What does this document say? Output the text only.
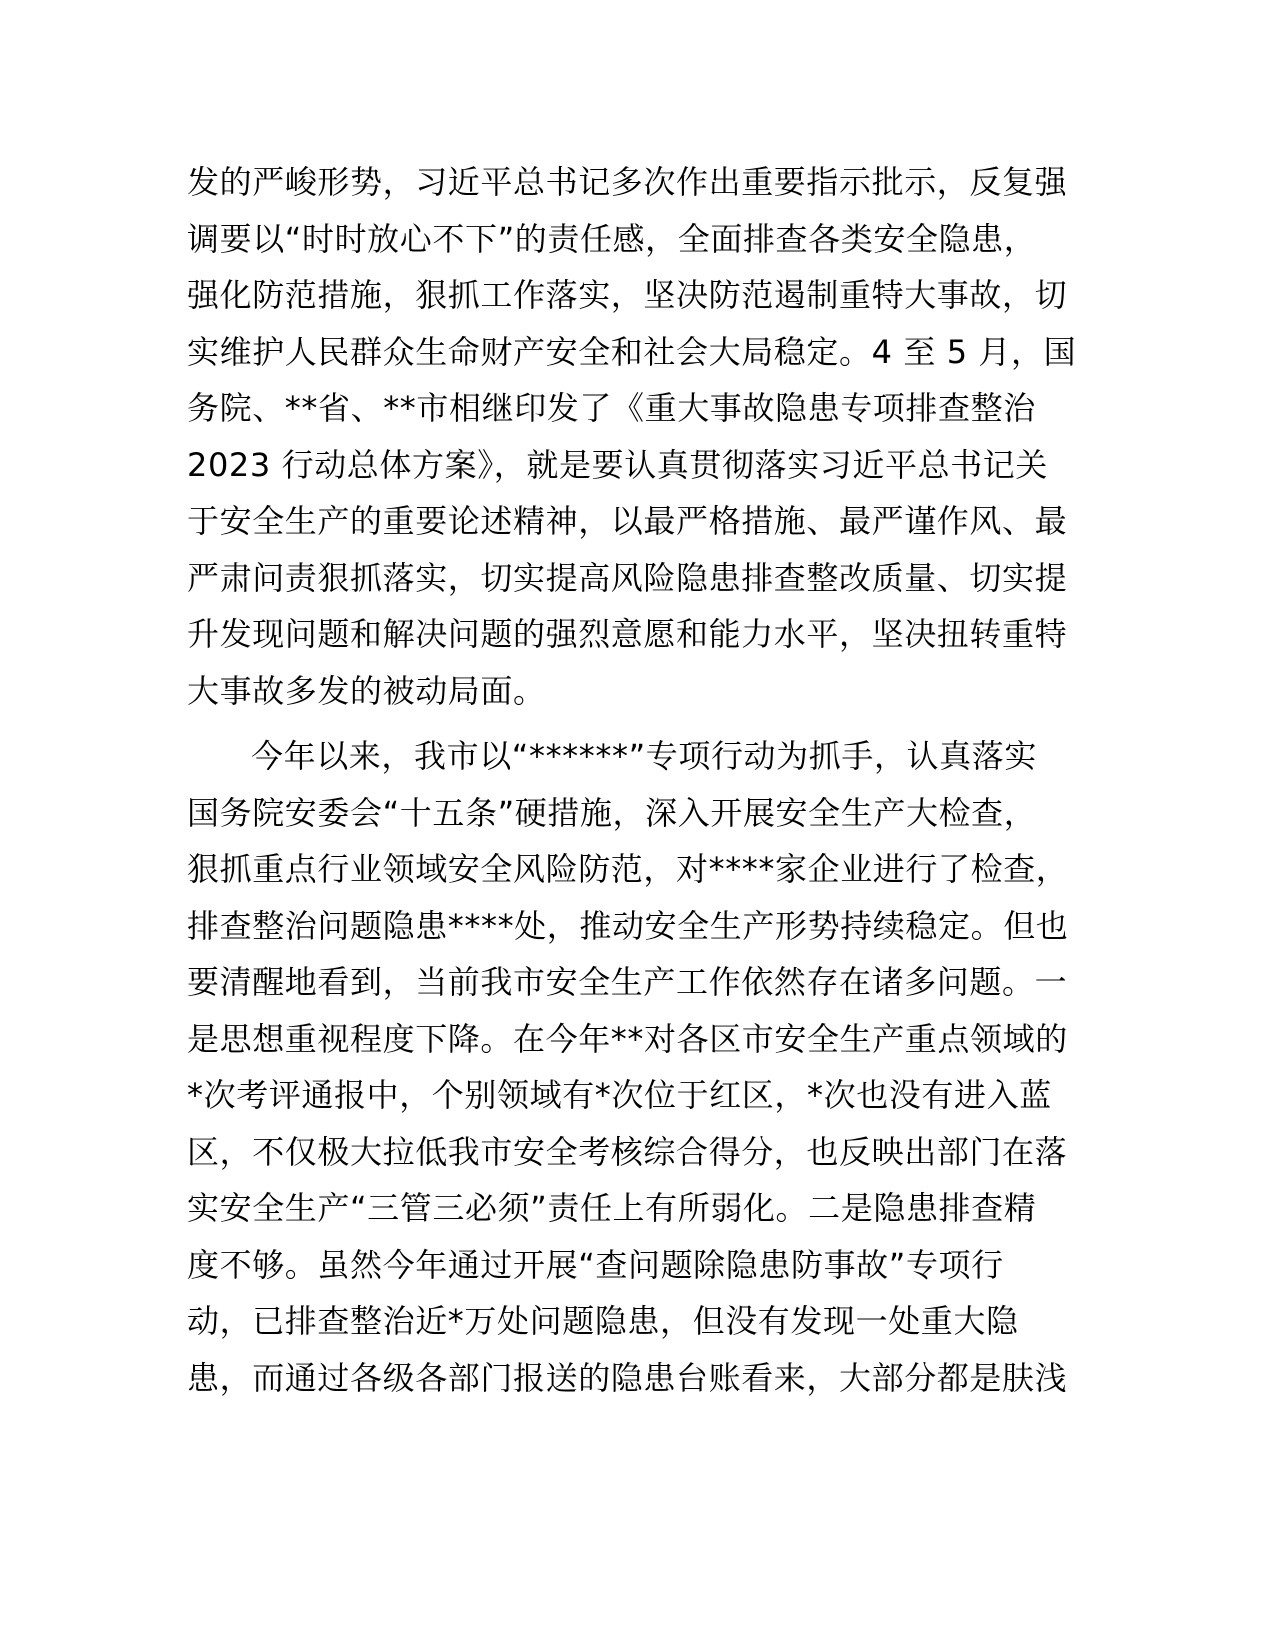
发的严峻形势，习近平总书记多次作出重要指示批示，反复强
调要以“时时放心不下”的责任感，全面排查各类安全隐患，
强化防范措施，狠抓工作落实，坚决防范遏制重特大事故，切
实维护人民群众生命财产安全和社会大局稳定。4 至 5 月，国
务院、**省、**市相继印发了《重大事故隐患专项排查整治
2023 行动总体方案》，就是要认真贯彻落实习近平总书记关
于安全生产的重要论述精神，以最严格措施、最严谨作风、最
严肃问责狠抓落实，切实提高风险隐患排查整改质量、切实提
升发现问题和解决问题的强烈意愿和能力水平，坚决扭转重特
大事故多发的被动局面。
今年以来，我市以“******”专项行动为抓手，认真落实
国务院安委会“十五条”硬措施，深入开展安全生产大检查，
狠抓重点行业领域安全风险防范，对****家企业进行了检查，
排查整治问题隐患****处，推动安全生产形势持续稳定。但也
要清醒地看到，当前我市安全生产工作依然存在诸多问题。一
是思想重视程度下降。在今年**对各区市安全生产重点领域的
*次考评通报中，个别领域有*次位于红区，*次也没有进入蓝
区，不仅极大拉低我市安全考核综合得分，也反映出部门在落
实安全生产“三管三必须”责任上有所弱化。二是隐患排查精
度不够。虽然今年通过开展“查问题除隐患防事故”专项行
动，已排查整治近*万处问题隐患，但没有发现一处重大隐
患，而通过各级各部门报送的隐患台账看来，大部分都是肤浅
